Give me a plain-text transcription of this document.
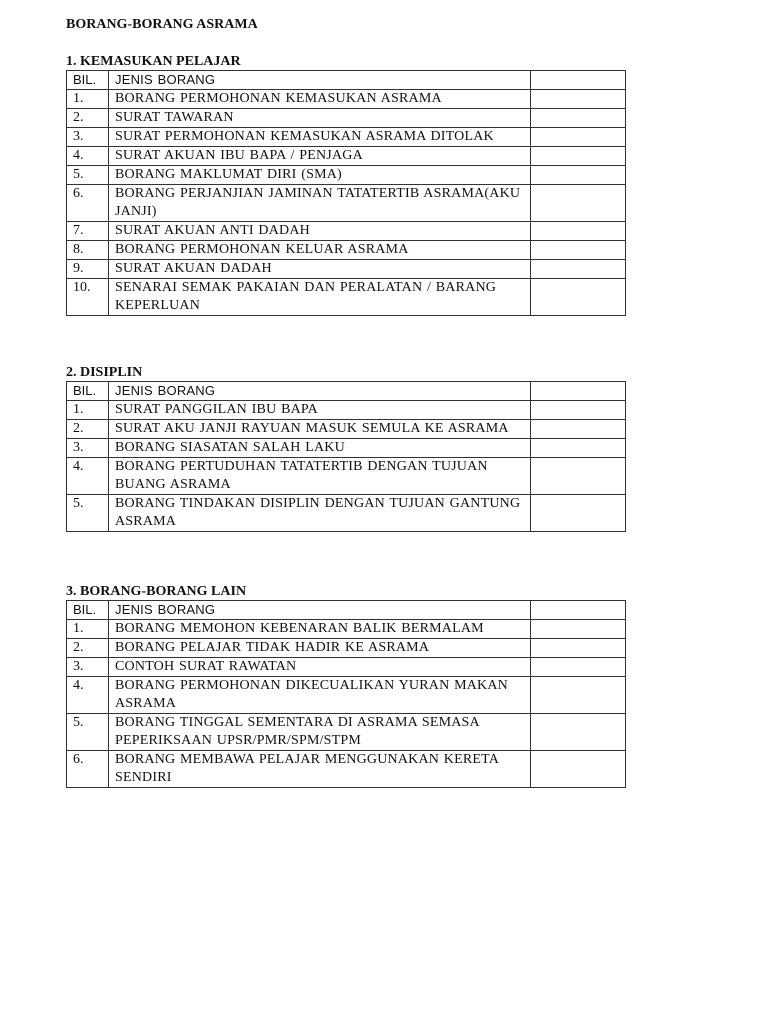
BORANG-BORANG ASRAMA
1. KEMASUKAN PELAJAR
BIL.	JENIS BORANG	
1.	BORANG PERMOHONAN KEMASUKAN ASRAMA	
2.	SURAT TAWARAN	
3.	SURAT PERMOHONAN KEMASUKAN ASRAMA DITOLAK	
4.	SURAT AKUAN IBU BAPA / PENJAGA	
5.	BORANG MAKLUMAT DIRI (SMA)	
6.	BORANG PERJANJIAN JAMINAN TATATERTIB ASRAMA(AKU JANJI)	
7.	SURAT AKUAN ANTI DADAH	
8.	BORANG PERMOHONAN KELUAR ASRAMA	
9.	SURAT AKUAN DADAH	
10.	SENARAI SEMAK PAKAIAN DAN PERALATAN / BARANG KEPERLUAN	
2. DISIPLIN
BIL.	JENIS BORANG	
1.	SURAT PANGGILAN IBU BAPA	
2.	SURAT AKU JANJI RAYUAN MASUK SEMULA KE ASRAMA	
3.	BORANG SIASATAN SALAH LAKU	
4.	BORANG PERTUDUHAN TATATERTIB DENGAN TUJUAN BUANG ASRAMA	
5.	BORANG TINDAKAN DISIPLIN DENGAN TUJUAN GANTUNG ASRAMA	
3. BORANG-BORANG LAIN
BIL.	JENIS BORANG	
1.	BORANG MEMOHON KEBENARAN BALIK BERMALAM	
2.	BORANG PELAJAR TIDAK HADIR KE ASRAMA	
3.	CONTOH SURAT RAWATAN	
4.	BORANG PERMOHONAN DIKECUALIKAN YURAN MAKAN ASRAMA	
5.	BORANG TINGGAL SEMENTARA DI ASRAMA SEMASA PEPERIKSAAN UPSR/PMR/SPM/STPM	
6.	BORANG MEMBAWA PELAJAR MENGGUNAKAN KERETA SENDIRI	
